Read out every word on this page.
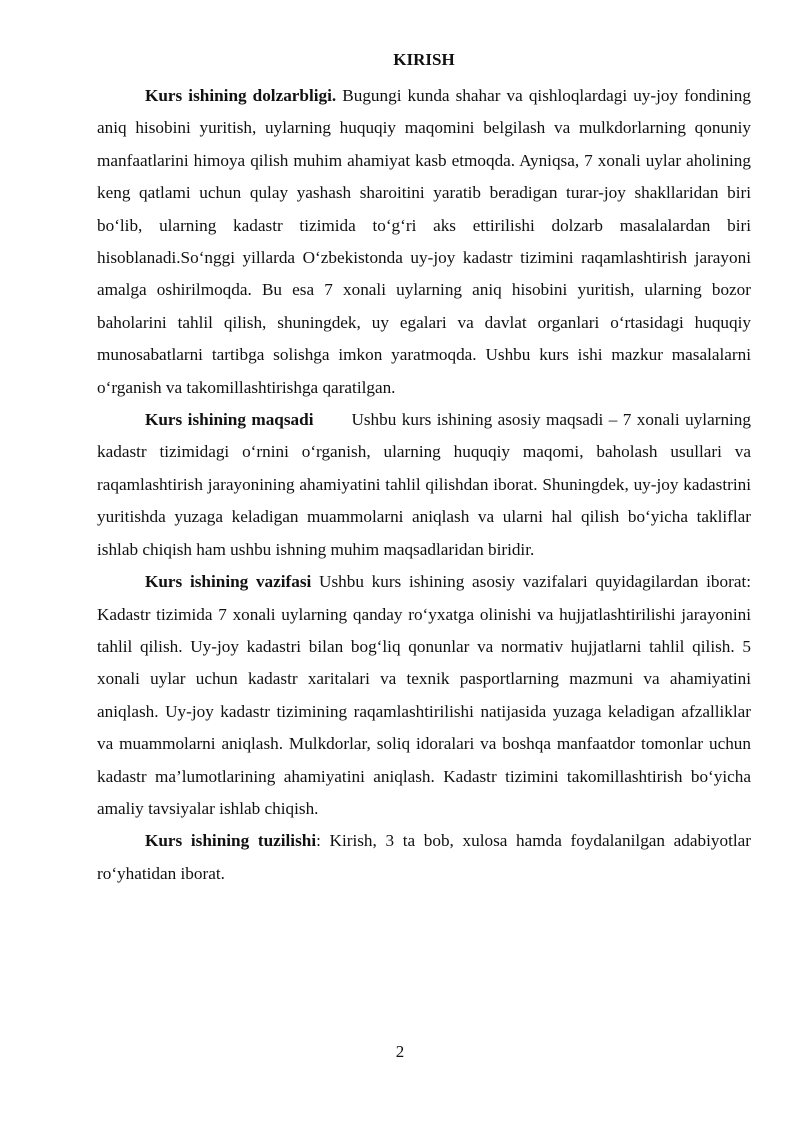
KIRISH

Kurs ishining dolzarbligi. Bugungi kunda shahar va qishloqlardagi uy-joy fondining aniq hisobini yuritish, uylarning huquqiy maqomini belgilash va mulkdorlarning qonuniy manfaatlarini himoya qilish muhim ahamiyat kasb etmoqda. Ayniqsa, 7 xonali uylar aholining keng qatlami uchun qulay yashash sharoitini yaratib beradigan turar-joy shakllaridan biri bo‘lib, ularning kadastr tizimida to‘g‘ri aks ettirilishi dolzarb masalalardan biri hisoblanadi.So‘nggi yillarda O‘zbekistonda uy-joy kadastr tizimini raqamlashtirish jarayoni amalga oshirilmoqda. Bu esa 7 xonali uylarning aniq hisobini yuritish, ularning bozor baholarini tahlil qilish, shuningdek, uy egalari va davlat organlari o‘rtasidagi huquqiy munosabatlarni tartibga solishga imkon yaratmoqda. Ushbu kurs ishi mazkur masalalarni o‘rganish va takomillashtirishga qaratilgan.

Kurs ishining maqsadi Ushbu kurs ishining asosiy maqsadi – 7 xonali uylarning kadastr tizimidagi o‘rnini o‘rganish, ularning huquqiy maqomi, baholash usullari va raqamlashtirish jarayonining ahamiyatini tahlil qilishdan iborat. Shuningdek, uy-joy kadastrini yuritishda yuzaga keladigan muammolarni aniqlash va ularni hal qilish bo‘yicha takliflar ishlab chiqish ham ushbu ishning muhim maqsadlaridan biridir.

Kurs ishining vazifasi Ushbu kurs ishining asosiy vazifalari quyidagilardan iborat: Kadastr tizimida 7 xonali uylarning qanday ro‘yxatga olinishi va hujjatlashtirilishi jarayonini tahlil qilish. Uy-joy kadastri bilan bog‘liq qonunlar va normativ hujjatlarni tahlil qilish. 5 xonali uylar uchun kadastr xaritalari va texnik pasportlarning mazmuni va ahamiyatini aniqlash. Uy-joy kadastr tizimining raqamlashtirilishi natijasida yuzaga keladigan afzalliklar va muammolarni aniqlash. Mulkdorlar, soliq idoralari va boshqa manfaatdor tomonlar uchun kadastr ma’lumotlarining ahamiyatini aniqlash. Kadastr tizimini takomillashtirish bo‘yicha amaliy tavsiyalar ishlab chiqish.

Kurs ishining tuzilishi: Kirish, 3 ta bob, xulosa hamda foydalanilgan adabiyotlar ro‘yhatidan iborat.

2
